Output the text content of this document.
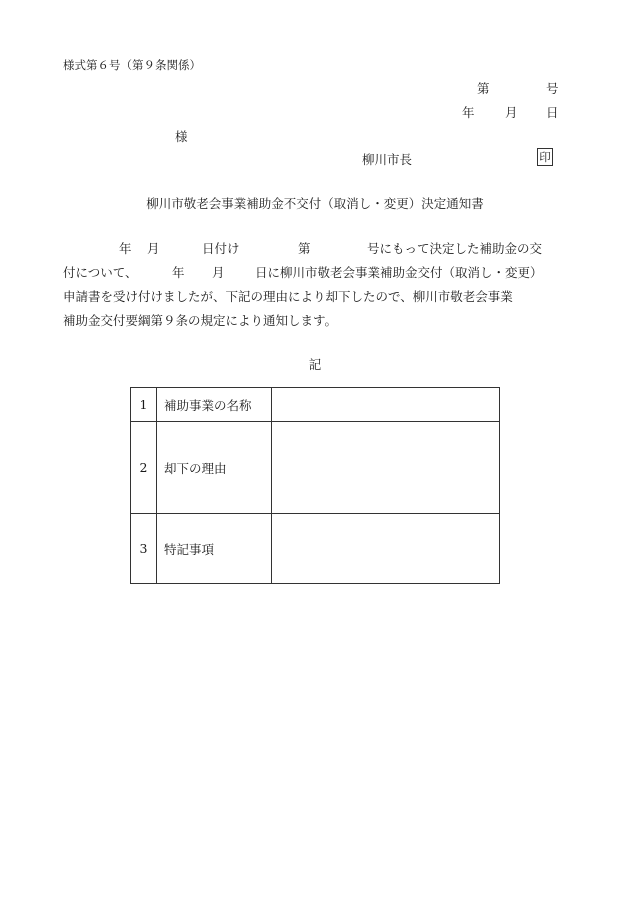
様式第６号（第９条関係）
第	号
年 月 日
様
柳川市長	印
柳川市敬老会事業補助金不交付（取消し・変更）決定通知書
年 月	日付け	第	号にもって決定した補助金の交
付について、	年 月 日に柳川市敬老会事業補助金交付（取消し・変更）
申請書を受け付けましたが、下記の理由により却下したので、柳川市敬老会事業
補助金交付要綱第９条の規定により通知します。
記
1	補助事業の名称	
2	却下の理由	
3	特記事項	
